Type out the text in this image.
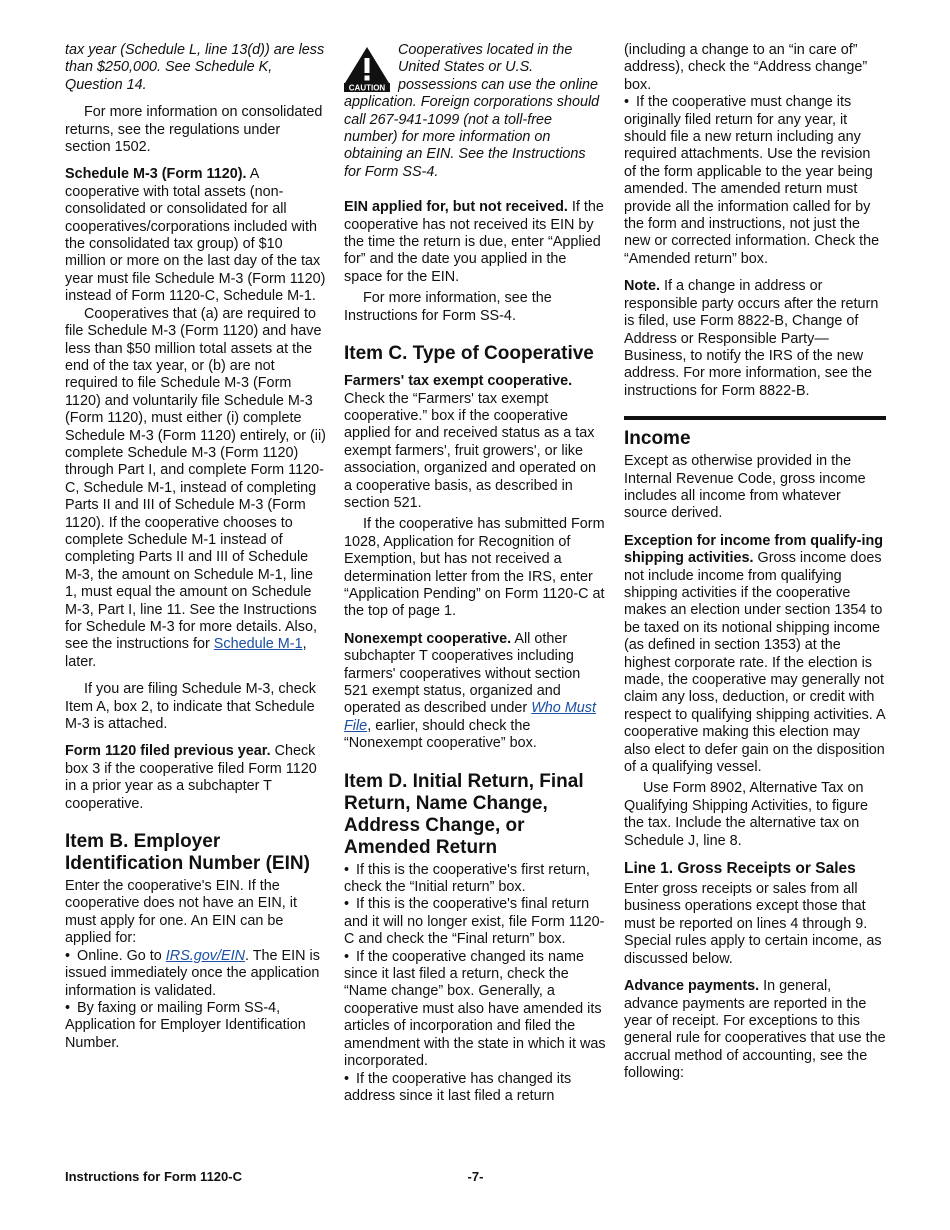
tax year (Schedule L, line 13(d)) are less than $250,000. See Schedule K, Question 14.

For more information on consolidated returns, see the regulations under section 1502.

Schedule M-3 (Form 1120). A cooperative with total assets (non-consolidated or consolidated for all cooperatives/corporations included with the consolidated tax group) of $10 million or more on the last day of the tax year must file Schedule M-3 (Form 1120) instead of Form 1120-C, Schedule M-1.

Cooperatives that (a) are required to file Schedule M-3 (Form 1120) and have less than $50 million total assets at the end of the tax year, or (b) are not required to file Schedule M-3 (Form 1120) and voluntarily file Schedule M-3 (Form 1120), must either (i) complete Schedule M-3 (Form 1120) entirely, or (ii) complete Schedule M-3 (Form 1120) through Part I, and complete Form 1120-C, Schedule M-1, instead of completing Parts II and III of Schedule M-3 (Form 1120). If the cooperative chooses to complete Schedule M-1 instead of completing Parts II and III of Schedule M-3, the amount on Schedule M-1, line 1, must equal the amount on Schedule M-3, Part I, line 11. See the Instructions for Schedule M-3 for more details. Also, see the instructions for Schedule M-1, later.

If you are filing Schedule M-3, check Item A, box 2, to indicate that Schedule M-3 is attached.

Form 1120 filed previous year. Check box 3 if the cooperative filed Form 1120 in a prior year as a subchapter T cooperative.

Item B. Employer Identification Number (EIN)

Enter the cooperative's EIN. If the cooperative does not have an EIN, it must apply for one. An EIN can be applied for:

• Online. Go to IRS.gov/EIN. The EIN is issued immediately once the application information is validated.

• By faxing or mailing Form SS-4, Application for Employer Identification Number.

CAUTION

Cooperatives located in the United States or U.S. possessions can use the online application. Foreign corporations should call 267-941-1099 (not a toll-free number) for more information on obtaining an EIN. See the Instructions for Form SS-4.

EIN applied for, but not received. If the cooperative has not received its EIN by the time the return is due, enter “Applied for” and the date you applied in the space for the EIN.

For more information, see the Instructions for Form SS-4.

Item C. Type of Cooperative

Farmers' tax exempt cooperative. Check the “Farmers' tax exempt cooperative.” box if the cooperative applied for and received status as a tax exempt farmers', fruit growers', or like association, organized and operated on a cooperative basis, as described in section 521.

If the cooperative has submitted Form 1028, Application for Recognition of Exemption, but has not received a determination letter from the IRS, enter “Application Pending” on Form 1120-C at the top of page 1.

Nonexempt cooperative. All other subchapter T cooperatives including farmers' cooperatives without section 521 exempt status, organized and operated as described under Who Must File, earlier, should check the “Nonexempt cooperative” box.

Item D. Initial Return, Final Return, Name Change, Address Change, or Amended Return

• If this is the cooperative's first return, check the “Initial return” box.

• If this is the cooperative's final return and it will no longer exist, file Form 1120-C and check the “Final return” box.

• If the cooperative changed its name since it last filed a return, check the “Name change” box. Generally, a cooperative must also have amended its articles of incorporation and filed the amendment with the state in which it was incorporated.

• If the cooperative has changed its address since it last filed a return

(including a change to an “in care of” address), check the “Address change” box.

• If the cooperative must change its originally filed return for any year, it should file a new return including any required attachments. Use the revision of the form applicable to the year being amended. The amended return must provide all the information called for by the form and instructions, not just the new or corrected information. Check the “Amended return” box.

Note. If a change in address or responsible party occurs after the return is filed, use Form 8822-B, Change of Address or Responsible Party—Business, to notify the IRS of the new address. For more information, see the instructions for Form 8822-B.

Income

Except as otherwise provided in the Internal Revenue Code, gross income includes all income from whatever source derived.

Exception for income from qualify-ing shipping activities. Gross income does not include income from qualifying shipping activities if the cooperative makes an election under section 1354 to be taxed on its notional shipping income (as defined in section 1353) at the highest corporate rate. If the election is made, the cooperative may generally not claim any loss, deduction, or credit with respect to qualifying shipping activities. A cooperative making this election may also elect to defer gain on the disposition of a qualifying vessel.

Use Form 8902, Alternative Tax on Qualifying Shipping Activities, to figure the tax. Include the alternative tax on Schedule J, line 8.

Line 1. Gross Receipts or Sales

Enter gross receipts or sales from all business operations except those that must be reported on lines 4 through 9. Special rules apply to certain income, as discussed below.

Advance payments. In general, advance payments are reported in the year of receipt. For exceptions to this general rule for cooperatives that use the accrual method of accounting, see the following:

-7-
Instructions for Form 1120-C
